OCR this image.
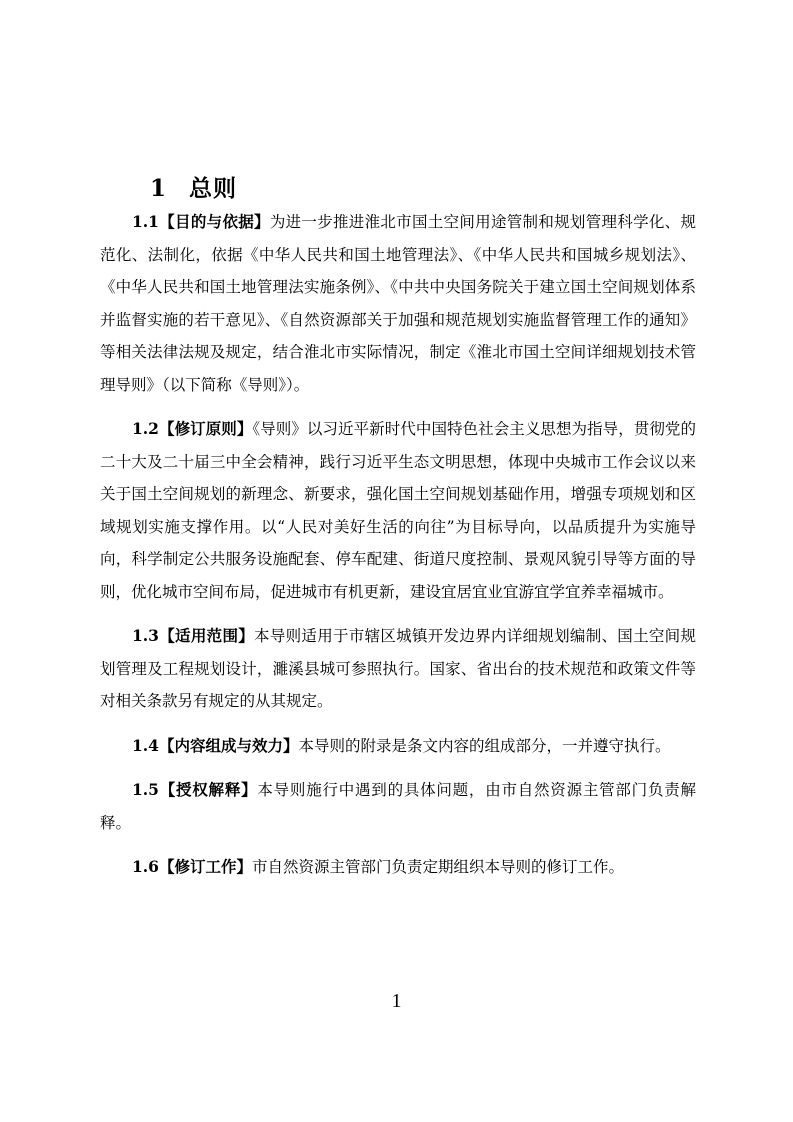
1 总则

1.1【目的与依据】为进一步推进淮北市国土空间用途管制和规划管理科学化、规范化、法制化，依据《中华人民共和国土地管理法》、《中华人民共和国城乡规划法》、《中华人民共和国土地管理法实施条例》、《中共中央国务院关于建立国土空间规划体系并监督实施的若干意见》、《自然资源部关于加强和规范规划实施监督管理工作的通知》等相关法律法规及规定，结合淮北市实际情况，制定《淮北市国土空间详细规划技术管理导则》（以下简称《导则》）。

1.2【修订原则】《导则》以习近平新时代中国特色社会主义思想为指导，贯彻党的二十大及二十届三中全会精神，践行习近平生态文明思想，体现中央城市工作会议以来关于国土空间规划的新理念、新要求，强化国土空间规划基础作用，增强专项规划和区域规划实施支撑作用。以“人民对美好生活的向往”为目标导向，以品质提升为实施导向，科学制定公共服务设施配套、停车配建、街道尺度控制、景观风貌引导等方面的导则，优化城市空间布局，促进城市有机更新，建设宜居宜业宜游宜学宜养幸福城市。

1.3【适用范围】本导则适用于市辖区城镇开发边界内详细规划编制、国土空间规划管理及工程规划设计，濉溪县城可参照执行。国家、省出台的技术规范和政策文件等对相关条款另有规定的从其规定。

1.4【内容组成与效力】本导则的附录是条文内容的组成部分，一并遵守执行。

1.5【授权解释】本导则施行中遇到的具体问题，由市自然资源主管部门负责解释。

1.6【修订工作】市自然资源主管部门负责定期组织本导则的修订工作。

1
